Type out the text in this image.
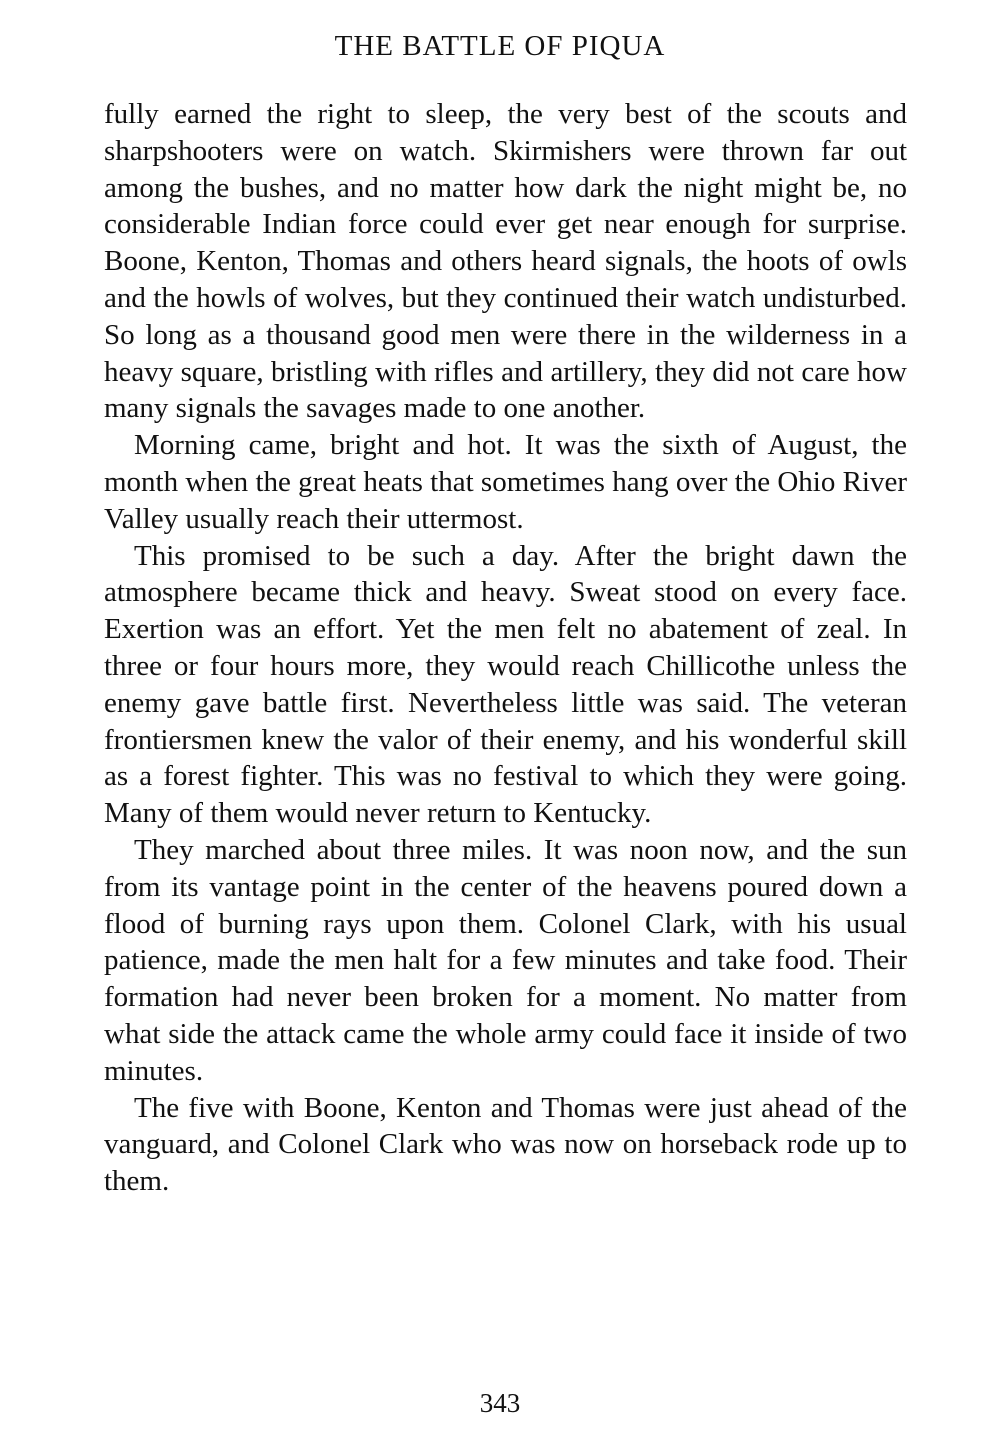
THE BATTLE OF PIQUA

fully earned the right to sleep, the very best of the scouts and sharpshooters were on watch. Skirmishers were thrown far out among the bushes, and no matter how dark the night might be, no considerable Indian force could ever get near enough for surprise. Boone, Kenton, Thomas and others heard signals, the hoots of owls and the howls of wolves, but they continued their watch undisturbed. So long as a thousand good men were there in the wilderness in a heavy square, bristling with rifles and artillery, they did not care how many signals the savages made to one another.

Morning came, bright and hot. It was the sixth of August, the month when the great heats that sometimes hang over the Ohio River Valley usually reach their uttermost.

This promised to be such a day. After the bright dawn the atmosphere became thick and heavy. Sweat stood on every face. Exertion was an effort. Yet the men felt no abatement of zeal. In three or four hours more, they would reach Chillicothe unless the enemy gave battle first. Nevertheless little was said. The veteran frontiersmen knew the valor of their enemy, and his wonderful skill as a forest fighter. This was no festival to which they were going. Many of them would never return to Kentucky.

They marched about three miles. It was noon now, and the sun from its vantage point in the center of the heavens poured down a flood of burning rays upon them. Colonel Clark, with his usual patience, made the men halt for a few minutes and take food. Their formation had never been broken for a moment. No matter from what side the attack came the whole army could face it inside of two minutes.

The five with Boone, Kenton and Thomas were just ahead of the vanguard, and Colonel Clark who was now on horseback rode up to them.

343
